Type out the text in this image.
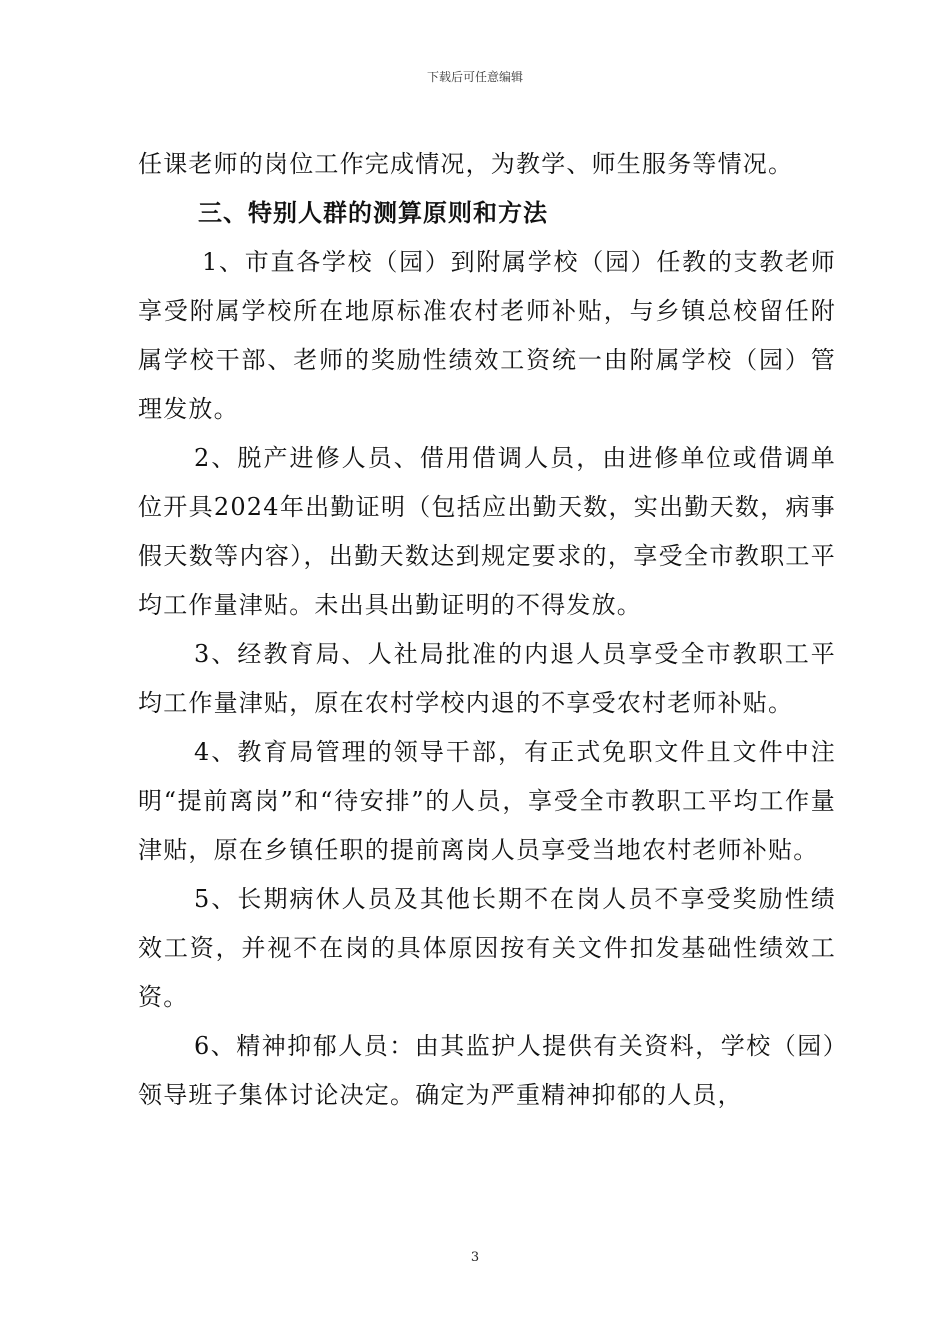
下载后可任意编辑

任课老师的岗位工作完成情况，为教学、师生服务等情况。

三、特别人群的测算原则和方法

1、市直各学校（园）到附属学校（园）任教的支教老师享受附属学校所在地原标准农村老师补贴，与乡镇总校留任附属学校干部、老师的奖励性绩效工资统一由附属学校（园）管理发放。

2、脱产进修人员、借用借调人员，由进修单位或借调单位开具2024年出勤证明（包括应出勤天数，实出勤天数，病事假天数等内容），出勤天数达到规定要求的，享受全市教职工平均工作量津贴。未出具出勤证明的不得发放。

3、经教育局、人社局批准的内退人员享受全市教职工平均工作量津贴，原在农村学校内退的不享受农村老师补贴。

4、教育局管理的领导干部，有正式免职文件且文件中注明“提前离岗”和“待安排”的人员，享受全市教职工平均工作量津贴，原在乡镇任职的提前离岗人员享受当地农村老师补贴。

5、长期病休人员及其他长期不在岗人员不享受奖励性绩效工资，并视不在岗的具体原因按有关文件扣发基础性绩效工资。

6、精神抑郁人员：由其监护人提供有关资料，学校（园）领导班子集体讨论决定。确定为严重精神抑郁的人员，

3
